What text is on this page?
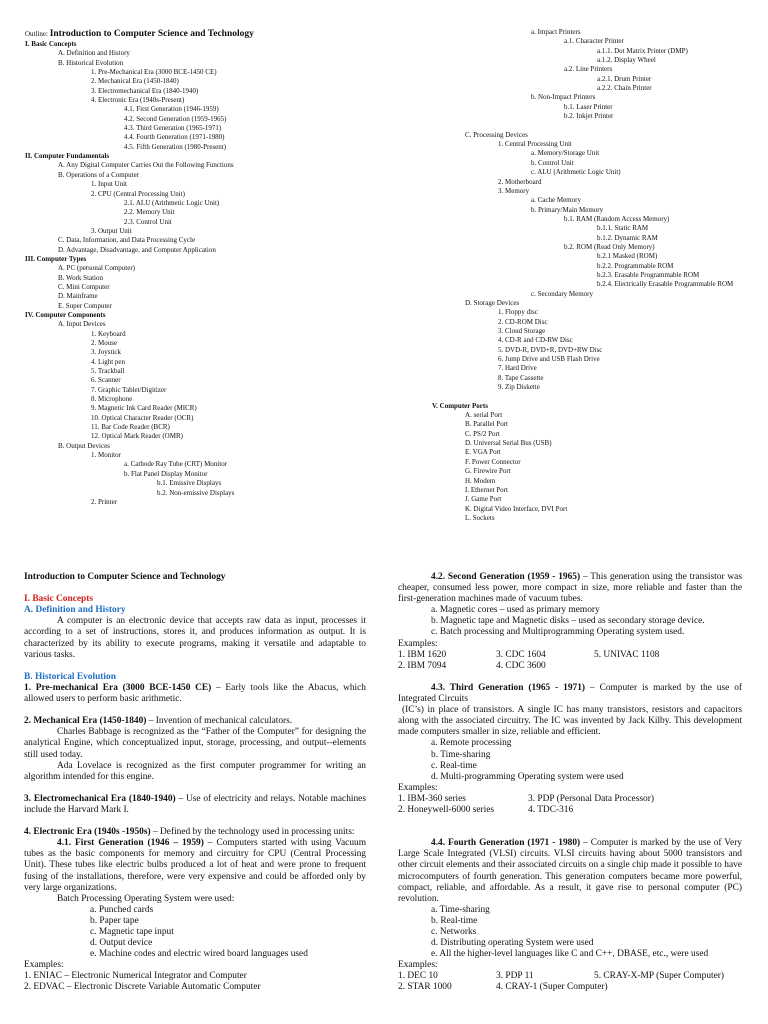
Outline: Introduction to Computer Science and Technology
I. Basic Concepts
A. Definition and History
B. Historical Evolution
1. Pre-Mechanical Era (3000 BCE-1450 CE)
2. Mechanical Era (1450-1840)
3. Electromechanical Era (1840-1940)
4. Electronic Era (1940s-Present)
4.1. First Generation (1946-1959)
4.2. Second Generation (1959-1965)
4.3. Third Generation (1965-1971)
4.4. Fourth Generation (1971-1980)
4.5. Fifth Generation (1980-Present)
II. Computer Fundamentals
A. Any Digital Computer Carries Out the Following Functions
B. Operations of a Computer
1. Input Unit
2. CPU (Central Processing Unit)
2.1. ALU (Arithmetic Logic Unit)
2.2. Memory Unit
2.3. Control Unit
3. Output Unit
C. Data, Information, and Data Processing Cycle
D. Advantage, Disadvantage, and Computer Application
III. Computer Types
A. PC (personal Computer)
B. Work Station
C. Mini Computer
D. Mainframe
E. Super Computer
IV. Computer Components
A. Input Devices
1. Keyboard
2. Mouse
3. Joystick
4. Light pen
5. Trackball
6. Scanner
7. Graphic Tablet/Digitizer
8. Microphone
9. Magnetic Ink Card Reader (MICR)
10. Optical Character Reader (OCR)
11. Bar Code Reader (BCR)
12. Optical Mark Reader (OMR)
B. Output Devices
1. Monitor
a. Cathode Ray Tube (CRT) Monitor
b. Flat Panel Display Monitor
b.1. Emissive Displays
b.2. Non-emissive Displays
2. Printer
a. Impact Printers
a.1. Character Printer
a.1.1. Dot Matrix Printer (DMP)
a.1.2. Display Wheel
a.2. Line Printers
a.2.1. Drum Printer
a.2.2. Chain Printer
b. Non-Impact Printers
b.1. Laser Printer
b.2. Inkjet Printer
C. Processing Devices
1. Central Processing Unit
a. Memory/Storage Unit
b. Control Unit
c. ALU (Arithmetic Logic Unit)
2. Motherboard
3. Memory
a. Cache Memory
b. Primary/Main Memory
b.1. RAM (Random Access Memory)
b.1.1. Static RAM
b.1.2. Dynamic RAM
b.2. ROM (Read Only Memory)
b.2.1 Masked (ROM)
b.2.2. Programmable ROM
b.2.3. Erasable Programmable ROM
b.2.4. Electrically Erasable Programmable ROM
c. Secondary Memory
D. Storage Devices
1. Floppy disc
2. CD-ROM Disc
3. Cloud Storage
4. CD-R and CD-RW Disc
5. DVD-R, DVD+R, DVD+RW Disc
6. Jump Drive and USB Flash Drive
7. Hard Drive
8. Tape Cassette
9. Zip Diskette
V. Computer Ports
A. serial Port
B. Parallel Port
C. PS/2 Port
D. Universal Serial Bus (USB)
E. VGA Port
F. Power Connector
G. Firewire Port
H. Modem
I. Ethernet Port
J. Game Port
K. Digital Video Interface, DVI Port
L. Sockets

Introduction to Computer Science and Technology

I. Basic Concepts

A. Definition and History

A computer is an electronic device that accepts raw data as input, processes it according to a set of instructions, stores it, and produces information as output. It is characterized by its ability to execute programs, making it versatile and adaptable to various tasks.

B. Historical Evolution

1. Pre-mechanical Era (3000 BCE-1450 CE) – Early tools like the Abacus, which allowed users to perform basic arithmetic.

2. Mechanical Era (1450-1840) – Invention of mechanical calculators.

Charles Babbage is recognized as the “Father of the Computer” for designing the analytical Engine, which conceptualized input, storage, processing, and output--elements still used today.

Ada Lovelace is recognized as the first computer programmer for writing an algorithm intended for this engine.

3. Electromechanical Era (1840-1940) – Use of electricity and relays. Notable machines include the Harvard Mark I.

4. Electronic Era (1940s -1950s) – Defined by the technology used in processing units:

4.1. First Generation (1946 – 1959) – Computers started with using Vacuum tubes as the basic components for memory and circuitry for CPU (Central Processing Unit). These tubes like electric bulbs produced a lot of heat and were prone to frequent fusing of the installations, therefore, were very expensive and could be afforded only by very large organizations.

Batch Processing Operating System were used:

a. Punched cards

b. Paper tape

c. Magnetic tape input

d. Output device

e. Machine codes and electric wired board languages used

Examples:

1. ENIAC – Electronic Numerical Integrator and Computer

2. EDVAC – Electronic Discrete Variable Automatic Computer

4.2. Second Generation (1959 - 1965) – This generation using the transistor was cheaper, consumed less power, more compact in size, more reliable and faster than the first-generation machines made of vacuum tubes.

a. Magnetic cores – used as primary memory

b. Magnetic tape and Magnetic disks – used as secondary storage device.

c. Batch processing and Multiprogramming Operating system used.

Examples:

1. IBM 1620	3. CDC 1604	5. UNIVAC 1108
2. IBM 7094	4. CDC 3600

4.3. Third Generation (1965 - 1971) – Computer is marked by the use of Integrated Circuits

(IC’s) in place of transistors. A single IC has many transistors, resistors and capacitors along with the associated circuitry. The IC was invented by Jack Kilby. This development made computers smaller in size, reliable and efficient.

a. Remote processing

b. Time-sharing

c. Real-time

d. Multi-programming Operating system were used

Examples:

1. IBM-360 series	3. PDP (Personal Data Processor)
2. Honeywell-6000 series	4. TDC-316

4.4. Fourth Generation (1971 - 1980) – Computer is marked by the use of Very Large Scale Integrated (VLSI) circuits. VLSI circuits having about 5000 transistors and other circuit elements and their associated circuits on a single chip made it possible to have microcomputers of fourth generation. This generation computers became more powerful, compact, reliable, and affordable. As a result, it gave rise to personal computer (PC) revolution.

a. Time-sharing

b. Real-time

c. Networks

d. Distributing operating System were used

e. All the higher-level languages like C and C++, DBASE, etc., were used

Examples:

1. DEC 10	3. PDP 11	5. CRAY-X-MP (Super Computer)
2. STAR 1000	4. CRAY-1 (Super Computer)
